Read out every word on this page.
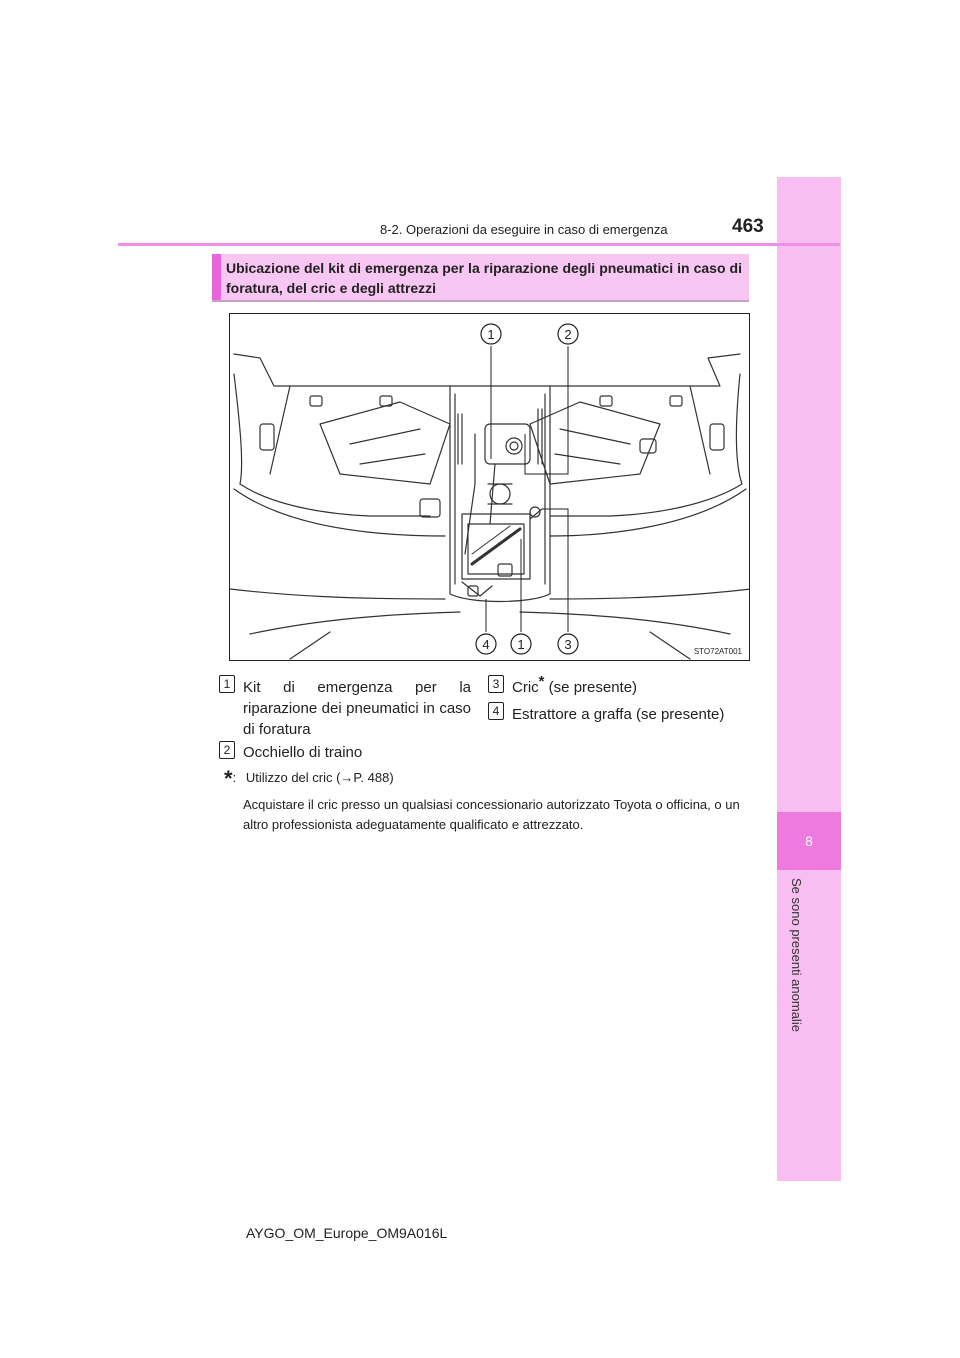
8
Se sono presenti anomalie
8-2. Operazioni da eseguire in caso di emergenza	463
Ubicazione del kit di emergenza per la riparazione degli pneumatici in caso di foratura, del cric e degli attrezzi
1	2
4 1	3	STO72AT001
1 Kit di emergenza per la riparazione dei pneumatici in caso di foratura
2 Occhiello di traino
3 Cric* (se presente)
4 Estrattore a graffa (se presente)
*: Utilizzo del cric (→P. 488)
Acquistare il cric presso un qualsiasi concessionario autorizzato Toyota o officina, o un altro professionista adeguatamente qualificato e attrezzato.
AYGO_OM_Europe_OM9A016L
